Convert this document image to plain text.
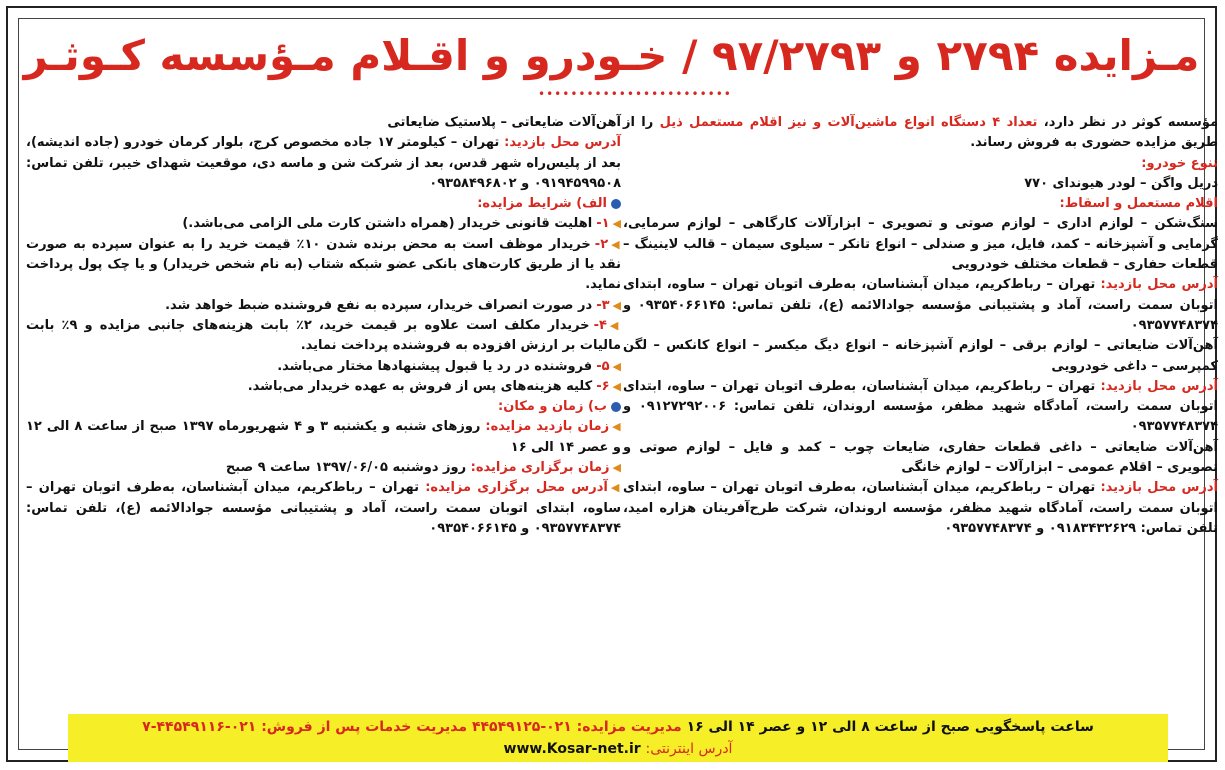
مـزایده ۲۷۹۴ و ۹۷/۲۷۹۳ / خـودرو و اقـلام مـؤسسه کـوثـر
••••••••••••••••••••••••

مؤسسه کوثر در نظر دارد، تعداد ۴ دستگاه انواع ماشین‌آلات و نیز اقلام مستعمل ذیل را از طریق مزایده حضوری به فروش رساند.

تنوع خودرو:

دریل واگن – لودر هیوندای ۷۷۰

اقلام مستعمل و اسقاط:

سنگ‌شکن – لوازم اداری – لوازم صوتی و تصویری – ابزارآلات کارگاهی – لوازم سرمایی، گرمایی و آشپزخانه – کمد، فایل، میز و صندلی – انواع تانکر – سیلوی سیمان – قالب لاینینگ – قطعات حفاری – قطعات مختلف خودرویی

آدرس محل بازدید: تهران – رباط‌کریم، میدان آبشناسان، به‌طرف اتوبان تهران – ساوه، ابتدای اتوبان سمت راست، آماد و پشتیبانی مؤسسه جوادالائمه (ع)، تلفن تماس: ۰۹۳۵۴۰۶۶۱۴۵ و ۰۹۳۵۷۷۴۸۳۷۴

آهن‌آلات ضایعاتی – لوازم برقی – لوازم آشپزخانه – انواع دیگ میکسر – انواع کانکس – لگن کمپرسی – داغی خودرویی

آدرس محل بازدید: تهران – رباط‌کریم، میدان آبشناسان، به‌طرف اتوبان تهران – ساوه، ابتدای اتوبان سمت راست، آمادگاه شهید مظفر، مؤسسه اروندان، تلفن تماس: ۰۹۱۲۷۲۹۲۰۰۶ و ۰۹۳۵۷۷۴۸۳۷۴

آهن‌آلات ضایعاتی – داغی قطعات حفاری، ضایعات چوب – کمد و فایل – لوازم صوتی و تصویری – اقلام عمومی – ابزارآلات – لوازم خانگی

آدرس محل بازدید: تهران – رباط‌کریم، میدان آبشناسان، به‌طرف اتوبان تهران – ساوه، ابتدای اتوبان سمت راست، آمادگاه شهید مظفر، مؤسسه اروندان، شرکت طرح‌آفرینان هزاره امید، تلفن تماس: ۰۹۱۸۳۴۳۲۶۲۹ و ۰۹۳۵۷۷۴۸۳۷۴

آهن‌آلات ضایعاتی – پلاستیک ضایعاتی

آدرس محل بازدید: تهران – کیلومتر ۱۷ جاده مخصوص کرج، بلوار کرمان خودرو (جاده اندیشه)، بعد از پلیس‌راه شهر قدس، بعد از شرکت شن و ماسه دی، موقعیت شهدای خیبر، تلفن تماس: ۰۹۱۹۴۵۹۹۵۰۸ و ۰۹۳۵۸۴۹۶۸۰۲

الف) شرایط مزایده:

◀۱-اهلیت قانونی خریدار (همراه داشتن کارت ملی الزامی می‌باشد.)

◀۲-خریدار موظف است به محض برنده شدن ۱۰٪ قیمت خرید را به عنوان سپرده به صورت نقد یا از طریق کارت‌های بانکی عضو شبکه شتاب (به نام شخص خریدار) و یا چک پول پرداخت نماید.

◀۳-در صورت انصراف خریدار، سپرده به نفع فروشنده ضبط خواهد شد.

◀۴-خریدار مکلف است علاوه بر قیمت خرید، ۲٪ بابت هزینه‌های جانبی مزایده و ۹٪ بابت مالیات بر ارزش افزوده به فروشنده پرداخت نماید.

◀۵-فروشنده در رد یا قبول پیشنهادها مختار می‌باشد.

◀۶-کلیه هزینه‌های پس از فروش به عهده خریدار می‌باشد.

ب) زمان و مکان:

◀زمان بازدید مزایده: روزهای شنبه و یکشنبه ۳ و ۴ شهریورماه ۱۳۹۷ صبح از ساعت ۸ الی ۱۲ و عصر ۱۴ الی ۱۶

◀زمان برگزاری مزایده: روز دوشنبه ۱۳۹۷/۰۶/۰۵ ساعت ۹ صبح

◀آدرس محل برگزاری مزایده: تهران – رباط‌کریم، میدان آبشناسان، به‌طرف اتوبان تهران – ساوه، ابتدای اتوبان سمت راست، آماد و پشتیبانی مؤسسه جوادالائمه (ع)، تلفن تماس: ۰۹۳۵۷۷۴۸۳۷۴ و ۰۹۳۵۴۰۶۶۱۴۵

ساعت پاسخگویی صبح از ساعت ۸ الی ۱۲ و عصر ۱۴ الی ۱۶ مدیریت مزایده: ۰۲۱-۴۴۵۴۹۱۲۵ مدیریت خدمات پس از فروش: ۰۲۱-۴۴۵۴۹۱۱۶-۷
آدرس اینترنتی: www.Kosar-net.ir
